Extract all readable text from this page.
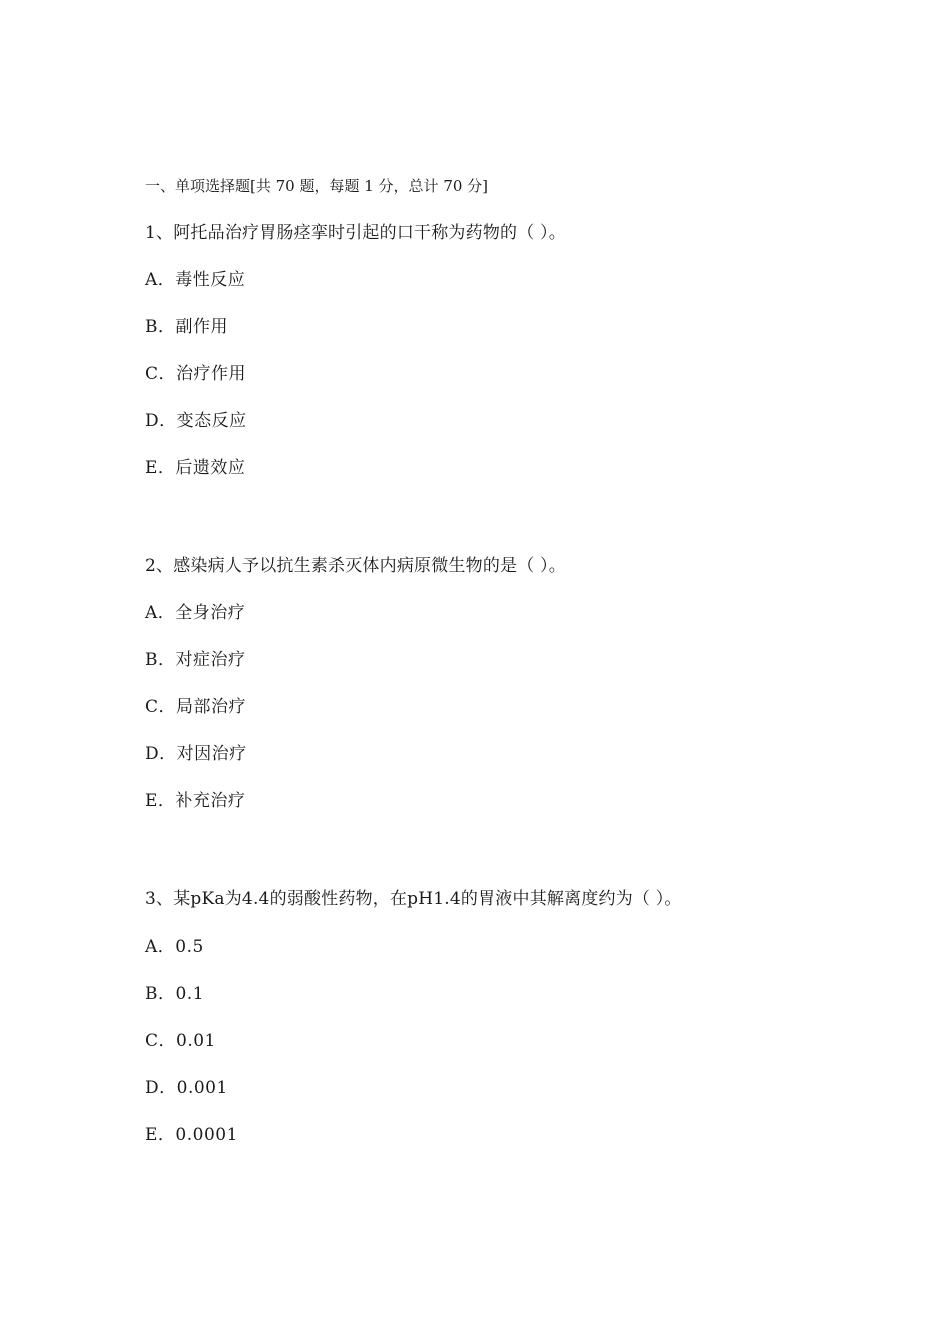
一、单项选择题[共 70 题，每题 1 分，总计 70 分]
1、阿托品治疗胃肠痉挛时引起的口干称为药物的（ ）。
A．毒性反应
B．副作用
C．治疗作用
D．变态反应
E．后遗效应
2、感染病人予以抗生素杀灭体内病原微生物的是（ ）。
A．全身治疗
B．对症治疗
C．局部治疗
D．对因治疗
E．补充治疗
3、某pKa为4.4的弱酸性药物，在pH1.4的胃液中其解离度约为（ ）。
A．0.5
B．0.1
C．0.01
D．0.001
E．0.0001
